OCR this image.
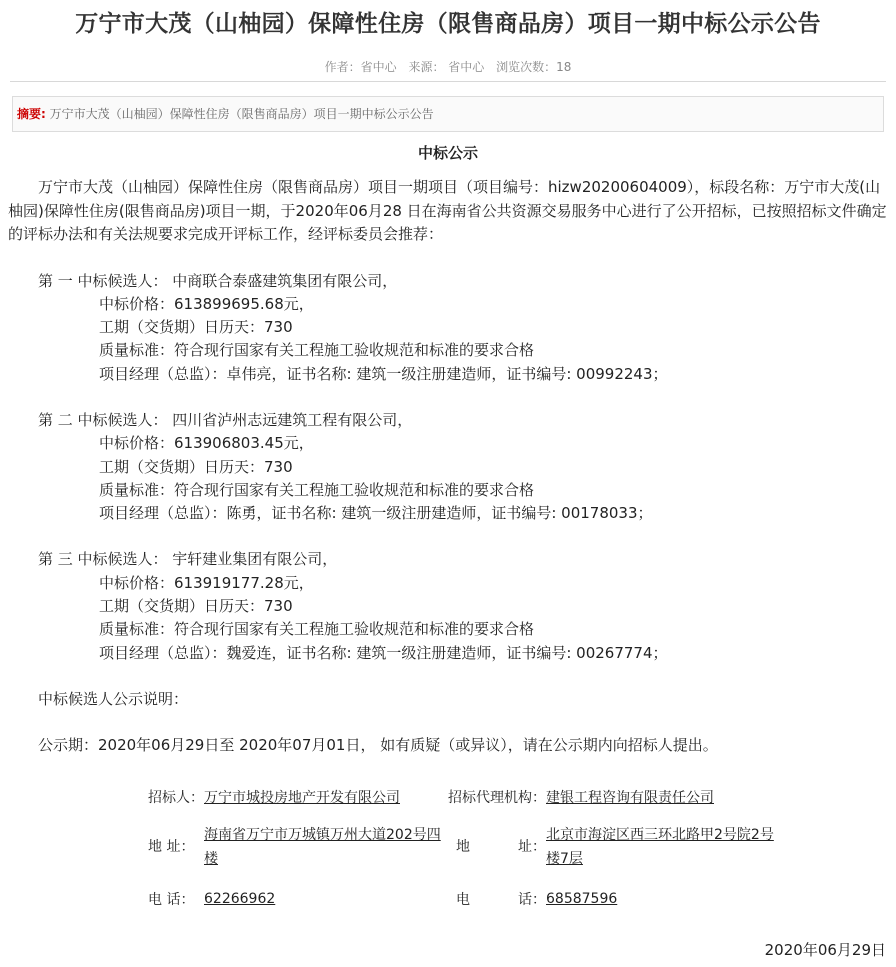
万宁市大茂（山柚园）保障性住房（限售商品房）项目一期中标公示公告
作者：省中心 来源： 省中心 浏览次数：18
摘要: 万宁市大茂（山柚园）保障性住房（限售商品房）项目一期中标公示公告
中标公示

万宁市大茂（山柚园）保障性住房（限售商品房）项目一期项目（项目编号：hizw20200604009），标段名称：万宁市大茂(山柚园)保障性住房(限售商品房)项目一期，于2020年06月28 日在海南省公共资源交易服务中心进行了公开招标，已按照招标文件确定的评标办法和有关法规要求完成开评标工作，经评标委员会推荐：

第 一 中标候选人： 中商联合泰盛建筑集团有限公司，
中标价格：613899695.68元，
工期（交货期）日历天：730
质量标准：符合现行国家有关工程施工验收规范和标准的要求合格
项目经理（总监）：卓伟亮，证书名称: 建筑一级注册建造师，证书编号: 00992243；
第 二 中标候选人： 四川省泸州志远建筑工程有限公司，
中标价格：613906803.45元，
工期（交货期）日历天：730
质量标准：符合现行国家有关工程施工验收规范和标准的要求合格
项目经理（总监）：陈勇，证书名称: 建筑一级注册建造师，证书编号: 00178033；
第 三 中标候选人： 宇轩建业集团有限公司，
中标价格：613919177.28元，
工期（交货期）日历天：730
质量标准：符合现行国家有关工程施工验收规范和标准的要求合格
项目经理（总监）：魏爱连，证书名称: 建筑一级注册建造师，证书编号: 00267774；
中标候选人公示说明：
公示期：2020年06月29日至 2020年07月01日， 如有质疑（或异议），请在公示期内向招标人提出。
招标人：	万宁市城投房地产开发有限公司	招标代理机构：		建银工程咨询有限责任公司
地 址：	海南省万宁市万城镇万州大道202号四楼	地	址：	北京市海淀区西三环北路甲2号院2号楼7层
电 话：	62266962	电	话：	68587596
2020年06月29日
